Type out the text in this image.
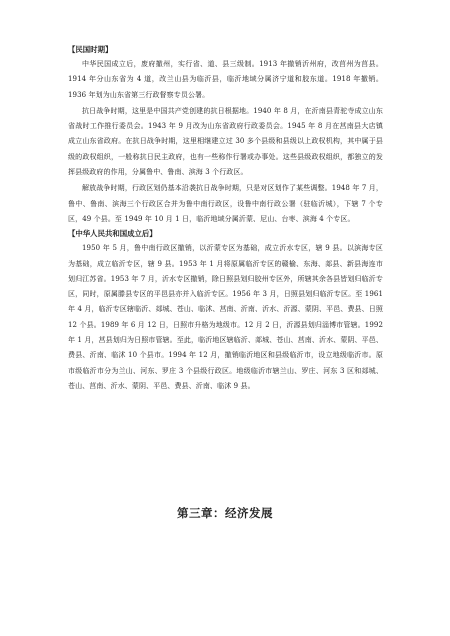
【民国时期】

中华民国成立后，废府撤州，实行省、道、县三级制。1913 年撤销沂州府，改莒州为莒县。1914 年分山东省为 4 道，改兰山县为临沂县，临沂地域分属济宁道和胶东道。1918 年撤销。1936 年划为山东省第三行政督察专员公署。

抗日战争时期，这里是中国共产党创建的抗日根据地。1940 年 8 月，在沂南县青驼寺成立山东省战时工作推行委员会。1943 年 9 月改为山东省政府行政委员会。1945 年 8 月在莒南县大店镇成立山东省政府。在抗日战争时期，这里相继建立过 30 多个县级和县级以上政权机构，其中属于县级的政权组织，一般称抗日民主政府，也有一些称作行署或办事处。这些县级政权组织，都独立的发挥县级政府的作用，分属鲁中、鲁南、滨海 3 个行政区。

解放战争时期，行政区划仍基本沿袭抗日战争时期，只是对区划作了某些调整。1948 年 7 月，鲁中、鲁南、滨海三个行政区合并为鲁中南行政区，设鲁中南行政公署（驻临沂城），下辖 7 个专区，49 个县。至 1949 年 10 月 1 日，临沂地域分属沂蒙、尼山、台枣、滨海 4 个专区。

【中华人民共和国成立后】

1950 年 5 月，鲁中南行政区撤销，以沂蒙专区为基础，成立沂水专区，辖 9 县。以滨海专区为基础，成立临沂专区，辖 9 县。1953 年 1 月将原属临沂专区的赣榆、东海、郯县、新县海连市划归江苏省。1953 年 7 月，沂水专区撤销，除日照县划归胶州专区外，所辖其余各县皆划归临沂专区，同时，原属滕县专区的平邑县亦并入临沂专区。1956 年 3 月，日照县划归临沂专区。至 1961 年 4 月，临沂专区辖临沂、郯城、苍山、临沭、莒南、沂南、沂水、沂源、蒙阴、平邑、费县、日照 12 个县。1989 年 6 月 12 日，日照市升格为地级市。12 月 2 日，沂源县划归淄博市管辖。1992 年 1 月，莒县划归为日照市管辖。至此，临沂地区辖临沂、郯城、苍山、莒南、沂水、蒙阴、平邑、费县、沂南、临沭 10 个县市。1994 年 12 月，撤销临沂地区和县级临沂市，设立地级临沂市。原市级临沂市分为兰山、河东、罗庄 3 个县级行政区。地级临沂市辖兰山、罗庄、河东 3 区和郯城、苍山、莒南、沂水、蒙阴、平邑、费县、沂南、临沭 9 县。

第三章：经济发展
